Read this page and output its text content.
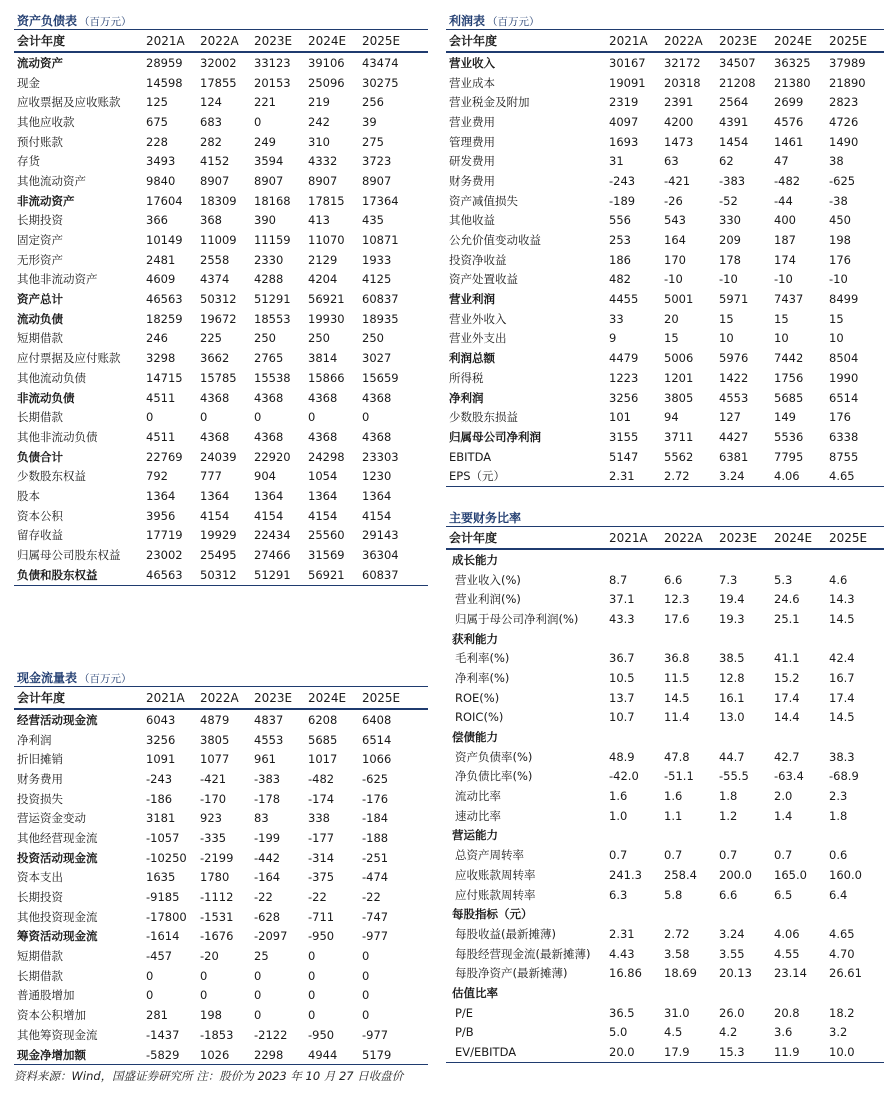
资产负债表 （百万元）
会计年度	2021A	2022A	2023E	2024E	2025E
流动资产	28959	32002	33123	39106	43474
现金	14598	17855	20153	25096	30275
应收票据及应收账款	125	124	221	219	256
其他应收款	675	683	0	242	39
预付账款	228	282	249	310	275
存货	3493	4152	3594	4332	3723
其他流动资产	9840	8907	8907	8907	8907
非流动资产	17604	18309	18168	17815	17364
长期投资	366	368	390	413	435
固定资产	10149	11009	11159	11070	10871
无形资产	2481	2558	2330	2129	1933
其他非流动资产	4609	4374	4288	4204	4125
资产总计	46563	50312	51291	56921	60837
流动负债	18259	19672	18553	19930	18935
短期借款	246	225	250	250	250
应付票据及应付账款	3298	3662	2765	3814	3027
其他流动负债	14715	15785	15538	15866	15659
非流动负债	4511	4368	4368	4368	4368
长期借款	0	0	0	0	0
其他非流动负债	4511	4368	4368	4368	4368
负债合计	22769	24039	22920	24298	23303
少数股东权益	792	777	904	1054	1230
股本	1364	1364	1364	1364	1364
资本公积	3956	4154	4154	4154	4154
留存收益	17719	19929	22434	25560	29143
归属母公司股东权益	23002	25495	27466	31569	36304
负债和股东权益	46563	50312	51291	56921	60837
利润表 （百万元）
会计年度	2021A	2022A	2023E	2024E	2025E
营业收入	30167	32172	34507	36325	37989
营业成本	19091	20318	21208	21380	21890
营业税金及附加	2319	2391	2564	2699	2823
营业费用	4097	4200	4391	4576	4726
管理费用	1693	1473	1454	1461	1490
研发费用	31	63	62	47	38
财务费用	-243	-421	-383	-482	-625
资产减值损失	-189	-26	-52	-44	-38
其他收益	556	543	330	400	450
公允价值变动收益	253	164	209	187	198
投资净收益	186	170	178	174	176
资产处置收益	482	-10	-10	-10	-10
营业利润	4455	5001	5971	7437	8499
营业外收入	33	20	15	15	15
营业外支出	9	15	10	10	10
利润总额	4479	5006	5976	7442	8504
所得税	1223	1201	1422	1756	1990
净利润	3256	3805	4553	5685	6514
少数股东损益	101	94	127	149	176
归属母公司净利润	3155	3711	4427	5536	6338
EBITDA	5147	5562	6381	7795	8755
EPS（元）	2.31	2.72	3.24	4.06	4.65
主要财务比率
会计年度	2021A	2022A	2023E	2024E	2025E
成长能力					
营业收入(%)	8.7	6.6	7.3	5.3	4.6
营业利润(%)	37.1	12.3	19.4	24.6	14.3
归属于母公司净利润(%)	43.3	17.6	19.3	25.1	14.5
获利能力					
毛利率(%)	36.7	36.8	38.5	41.1	42.4
净利率(%)	10.5	11.5	12.8	15.2	16.7
ROE(%)	13.7	14.5	16.1	17.4	17.4
ROIC(%)	10.7	11.4	13.0	14.4	14.5
偿债能力					
资产负债率(%)	48.9	47.8	44.7	42.7	38.3
净负债比率(%)	-42.0	-51.1	-55.5	-63.4	-68.9
流动比率	1.6	1.6	1.8	2.0	2.3
速动比率	1.0	1.1	1.2	1.4	1.8
营运能力					
总资产周转率	0.7	0.7	0.7	0.7	0.6
应收账款周转率	241.3	258.4	200.0	165.0	160.0
应付账款周转率	6.3	5.8	6.6	6.5	6.4
每股指标（元）					
每股收益(最新摊薄)	2.31	2.72	3.24	4.06	4.65
每股经营现金流(最新摊薄)	4.43	3.58	3.55	4.55	4.70
每股净资产(最新摊薄)	16.86	18.69	20.13	23.14	26.61
估值比率					
P/E	36.5	31.0	26.0	20.8	18.2
P/B	5.0	4.5	4.2	3.6	3.2
EV/EBITDA	20.0	17.9	15.3	11.9	10.0
现金流量表 （百万元）
会计年度	2021A	2022A	2023E	2024E	2025E
经营活动现金流	6043	4879	4837	6208	6408
净利润	3256	3805	4553	5685	6514
折旧摊销	1091	1077	961	1017	1066
财务费用	-243	-421	-383	-482	-625
投资损失	-186	-170	-178	-174	-176
营运资金变动	3181	923	83	338	-184
其他经营现金流	-1057	-335	-199	-177	-188
投资活动现金流	-10250	-2199	-442	-314	-251
资本支出	1635	1780	-164	-375	-474
长期投资	-9185	-1112	-22	-22	-22
其他投资现金流	-17800	-1531	-628	-711	-747
筹资活动现金流	-1614	-1676	-2097	-950	-977
短期借款	-457	-20	25	0	0
长期借款	0	0	0	0	0
普通股增加	0	0	0	0	0
资本公积增加	281	198	0	0	0
其他筹资现金流	-1437	-1853	-2122	-950	-977
现金净增加额	-5829	1026	2298	4944	5179
资料来源：Wind，国盛证券研究所 注：股价为 2023 年 10 月 27 日收盘价
